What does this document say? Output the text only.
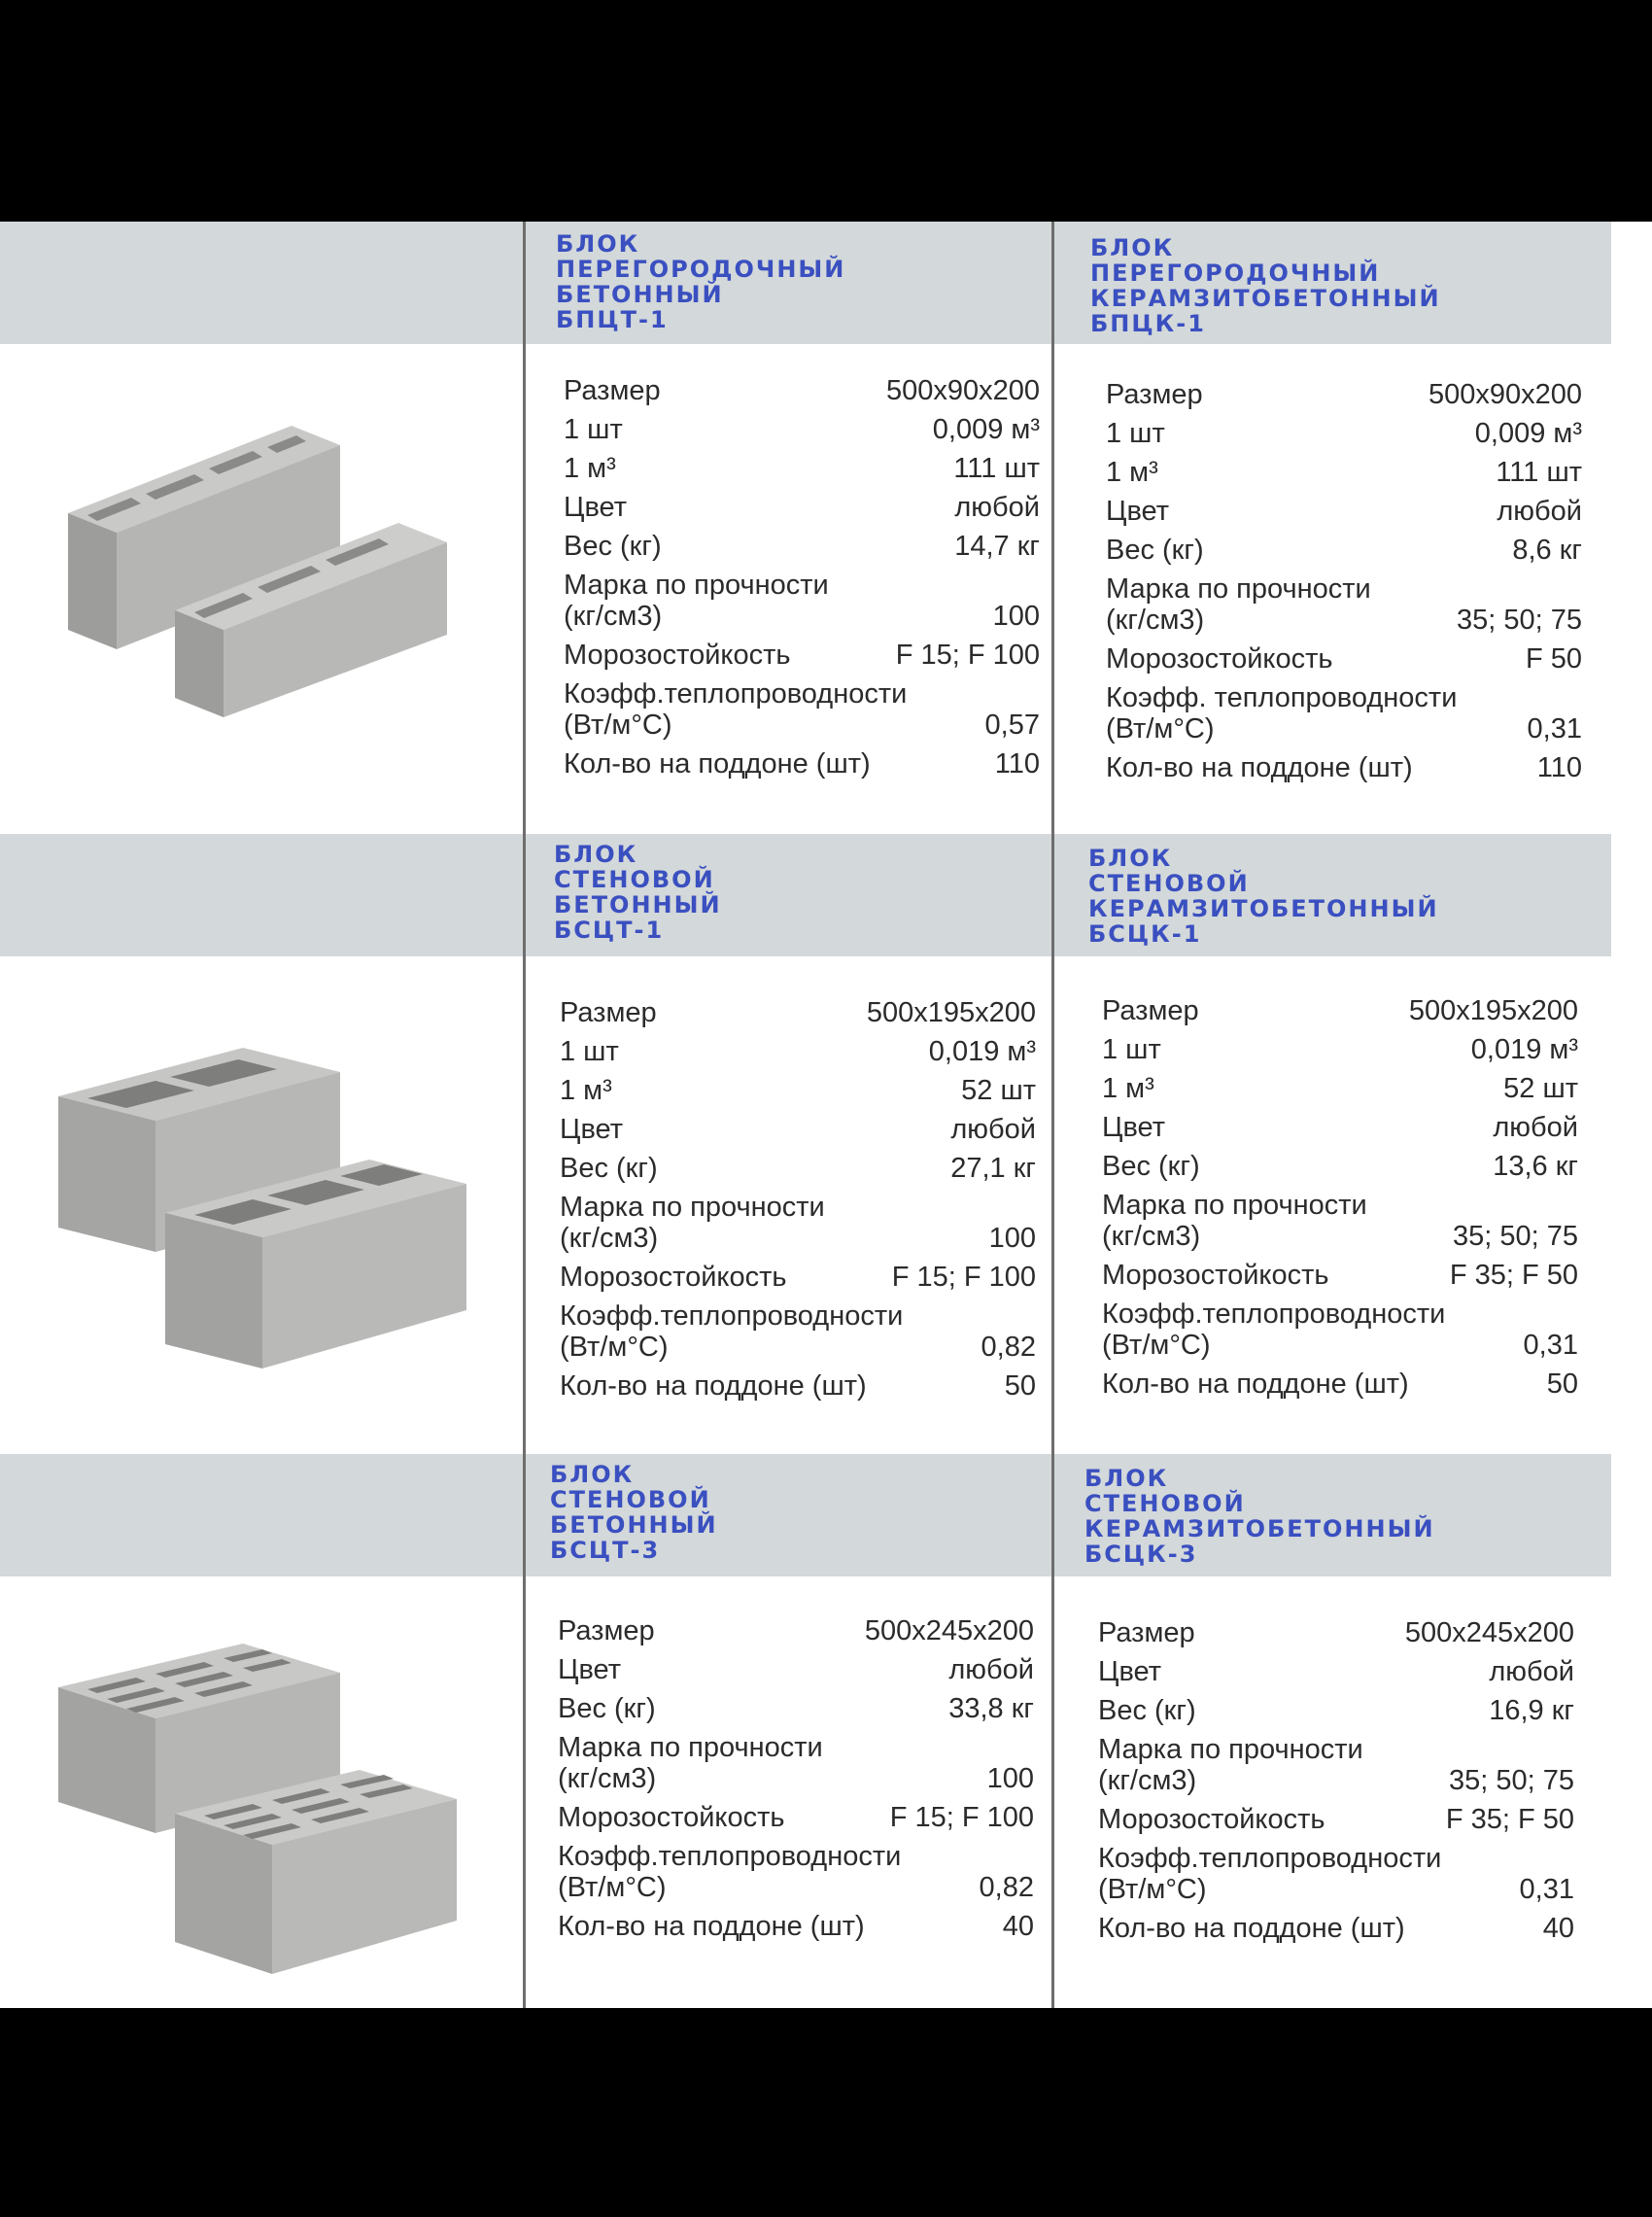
БЛОК
ПЕРЕГОРОДОЧНЫЙ
БЕТОННЫЙ
БПЦТ-1
БЛОК
ПЕРЕГОРОДОЧНЫЙ
КЕРАМЗИТОБЕТОННЫЙ
БПЦК-1
Размер	500x90x200
1 шт	0,009 м³
1 м³	111 шт
Цвет	любой
Вес (кг)	14,7 кг
Марка по прочности
(кг/см3)	100
Морозостойкость	F 15; F 100
Коэфф.теплопроводности
(Вт/м°С)	0,57
Кол-во на поддоне (шт)	110
Размер	500x90x200
1 шт	0,009 м³
1 м³	111 шт
Цвет	любой
Вес (кг)	8,6 кг
Марка по прочности
(кг/см3)	35; 50; 75
Морозостойкость	F 50
Коэфф. теплопроводности
(Вт/м°С)	0,31
Кол-во на поддоне (шт)	110
БЛОК
СТЕНОВОЙ
БЕТОННЫЙ
БСЦТ-1
БЛОК
СТЕНОВОЙ
КЕРАМЗИТОБЕТОННЫЙ
БСЦК-1
Размер	500x195x200
1 шт	0,019 м³
1 м³	52 шт
Цвет	любой
Вес (кг)	27,1 кг
Марка по прочности
(кг/см3)	100
Морозостойкость	F 15; F 100
Коэфф.теплопроводности
(Вт/м°С)	0,82
Кол-во на поддоне (шт)	50
Размер	500x195x200
1 шт	0,019 м³
1 м³	52 шт
Цвет	любой
Вес (кг)	13,6 кг
Марка по прочности
(кг/см3)	35; 50; 75
Морозостойкость	F 35; F 50
Коэфф.теплопроводности
(Вт/м°С)	0,31
Кол-во на поддоне (шт)	50
БЛОК
СТЕНОВОЙ
БЕТОННЫЙ
БСЦТ-3
БЛОК
СТЕНОВОЙ
КЕРАМЗИТОБЕТОННЫЙ
БСЦК-3
Размер	500x245x200
Цвет	любой
Вес (кг)	33,8 кг
Марка по прочности
(кг/см3)	100
Морозостойкость	F 15; F 100
Коэфф.теплопроводности
(Вт/м°С)	0,82
Кол-во на поддоне (шт)	40
Размер	500x245x200
Цвет	любой
Вес (кг)	16,9 кг
Марка по прочности
(кг/см3)	35; 50; 75
Морозостойкость	F 35; F 50
Коэфф.теплопроводности
(Вт/м°С)	0,31
Кол-во на поддоне (шт)	40
